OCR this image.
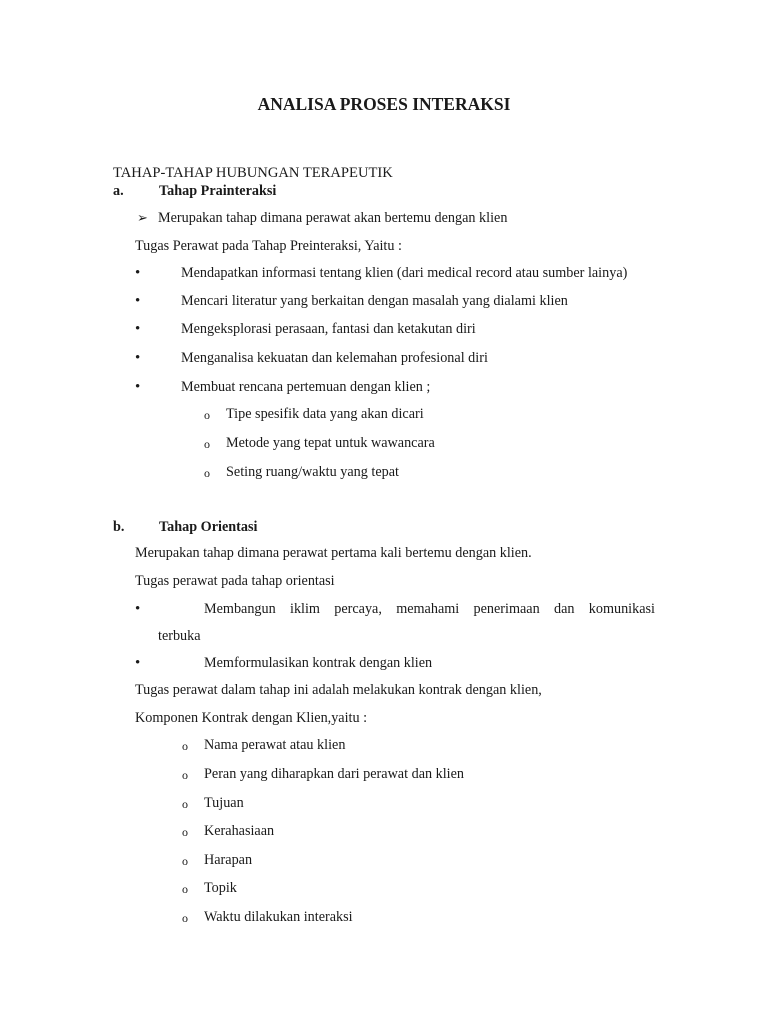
ANALISA PROSES INTERAKSI
TAHAP-TAHAP HUBUNGAN TERAPEUTIK
a. Tahap Prainteraksi
➢ Merupakan tahap dimana perawat akan bertemu dengan klien
Tugas Perawat pada Tahap Preinteraksi, Yaitu :
•	Mendapatkan informasi tentang klien (dari medical record atau sumber lainya)
•	Mencari literatur yang berkaitan dengan masalah yang dialami klien
•	Mengeksplorasi perasaan, fantasi dan ketakutan diri
•	Menganalisa kekuatan dan kelemahan profesional diri
•	Membuat rencana pertemuan dengan klien ;
o Tipe spesifik data yang akan dicari
o Metode yang tepat untuk wawancara
o Seting ruang/waktu yang tepat
b. Tahap Orientasi
Merupakan tahap dimana perawat pertama kali bertemu dengan klien.
Tugas perawat pada tahap orientasi
•	Membangun iklim percaya, memahami penerimaan dan komunikasi
terbuka
•	Memformulasikan kontrak dengan klien
Tugas perawat dalam tahap ini adalah melakukan kontrak dengan klien,
Komponen Kontrak dengan Klien,yaitu :
o Nama perawat atau klien
o Peran yang diharapkan dari perawat dan klien
o Tujuan
o Kerahasiaan
o Harapan
o Topik
o Waktu dilakukan interaksi
